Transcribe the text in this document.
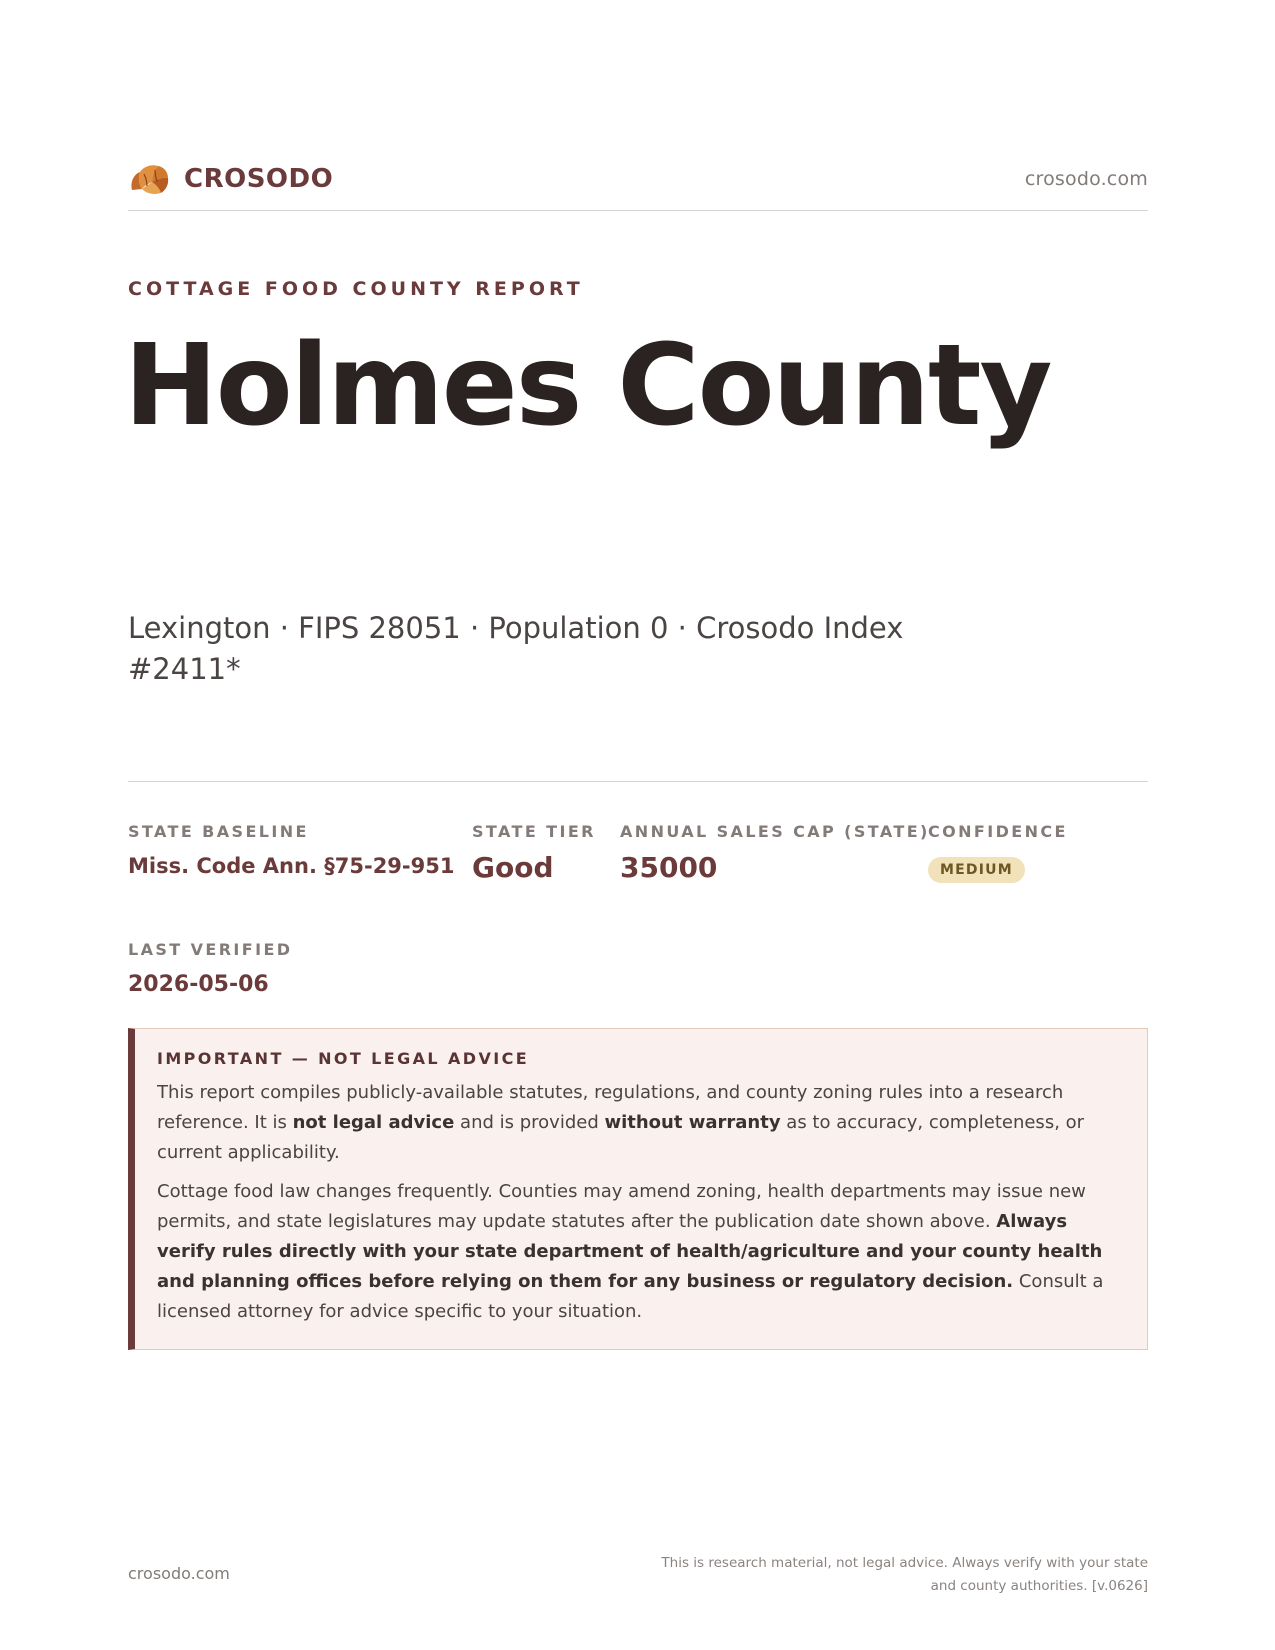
CROSODO	crosodo.com
COTTAGE FOOD COUNTY REPORT
Holmes County
Lexington · FIPS 28051 · Population 0 · Crosodo Index #2411*
STATE BASELINE
Miss. Code Ann. §75-29-951
STATE TIER
Good
ANNUAL SALES CAP (STATE)
35000
CONFIDENCE
MEDIUM
LAST VERIFIED
2026-05-06
IMPORTANT — NOT LEGAL ADVICE

This report compiles publicly-available statutes, regulations, and county zoning rules into a research reference. It is not legal advice and is provided without warranty as to accuracy, completeness, or current applicability.

Cottage food law changes frequently. Counties may amend zoning, health departments may issue new permits, and state legislatures may update statutes after the publication date shown above. Always verify rules directly with your state department of health/agriculture and your county health and planning offices before relying on them for any business or regulatory decision. Consult a licensed attorney for advice specific to your situation.

crosodo.com
This is research material, not legal advice. Always verify with your state
and county authorities. [v.0626]
